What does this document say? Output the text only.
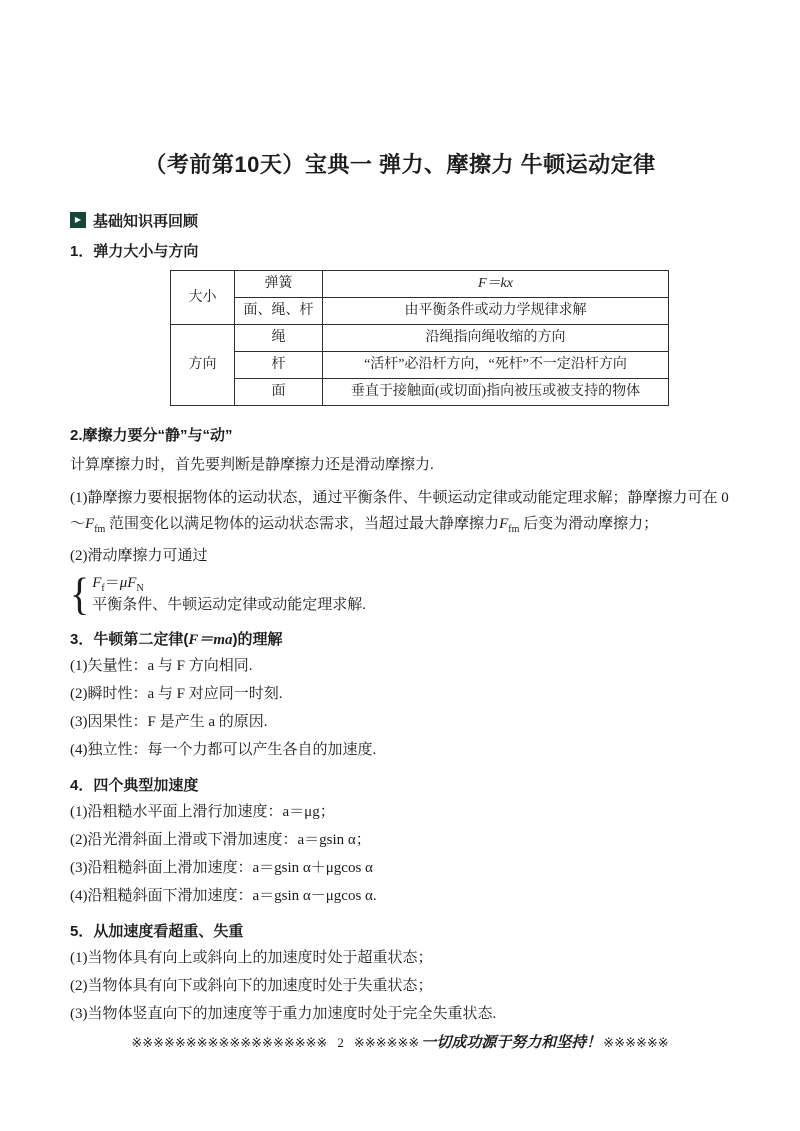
（考前第10天）宝典一 弹力、摩擦力 牛顿运动定律
▶ 基础知识再回顾
1．弹力大小与方向
大小	弹簧	F＝kx
	面、绳、杆	由平衡条件或动力学规律求解
方向	绳	沿绳指向绳收缩的方向
	杆	“活杆”必沿杆方向，“死杆”不一定沿杆方向
	面	垂直于接触面(或切面)指向被压或被支持的物体
2.摩擦力要分“静”与“动”

计算摩擦力时，首先要判断是静摩擦力还是滑动摩擦力.

(1)静摩擦力要根据物体的运动状态，通过平衡条件、牛顿运动定律或动能定理求解；静摩擦力可在 $0\sim F_{fm}$ 范围变化以满足物体的运动状态需求，当超过最大静摩擦力$F_{fm}$ 后变为滑动摩擦力；

(2)滑动摩擦力可通过

{ $F_f=\mu F_N$
平衡条件、牛顿运动定律或动能定理求解.
3．牛顿第二定律(F＝ma)的理解

(1)矢量性：a 与 F 方向相同.

(2)瞬时性：a 与 F 对应同一时刻.

(3)因果性：F 是产生 a 的原因.

(4)独立性：每一个力都可以产生各自的加速度.

4．四个典型加速度

(1)沿粗糙水平面上滑行加速度：a＝μg；

(2)沿光滑斜面上滑或下滑加速度：a＝gsin α；

(3)沿粗糙斜面上滑加速度：a＝gsin α＋μgcos α

(4)沿粗糙斜面下滑加速度：a＝gsin α－μgcos α.

5．从加速度看超重、失重

(1)当物体具有向上或斜向上的加速度时处于超重状态；

(2)当物体具有向下或斜向下的加速度时处于失重状态；

(3)当物体竖直向下的加速度等于重力加速度时处于完全失重状态.

※※※※※※※※※※※※※※※※※※ 2 ※※※※※※ 一切成功源于努力和坚持！ ※※※※※※
